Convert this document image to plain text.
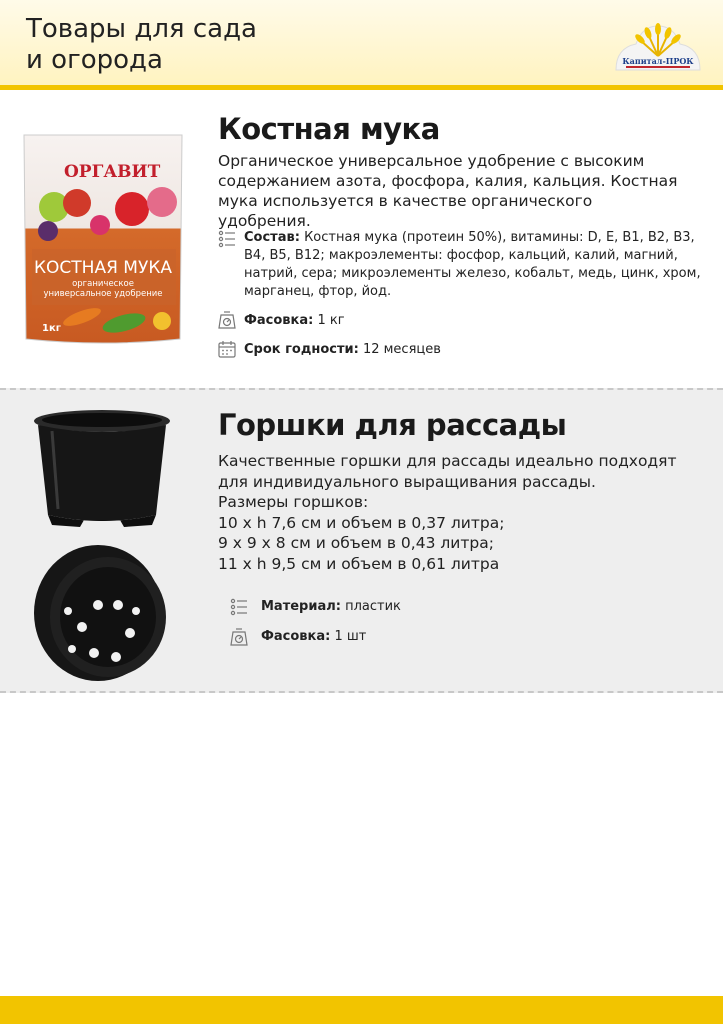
Товары для сада
и огорода	Капитал-ПРОК
ОРГАВИТ
КОСТНАЯ МУКА
органическое
универсальное удобрение
1кг
Костная мука
Органическое универсальное удобрение с высоким содержанием азота, фосфора, калия, кальция. Костная мука используется в качестве органического удобрения.
Состав: Костная мука (протеин 50%), витамины: D, E, B1, B2, B3, B4, B5, B12; макроэлементы: фосфор, кальций, калий, магний, натрий, сера; микроэлементы железо, кобальт, медь, цинк, хром, марганец, фтор, йод.
Фасовка: 1 кг
Срок годности: 12 месяцев
Горшки для рассады
Качественные горшки для рассады идеально подходят
для индивидуального выращивания рассады.
Размеры горшков:
10 х h 7,6 см и объем в 0,37 литра;
9 х 9 х 8 см и объем в 0,43 литра;
11 х h 9,5 см и объем в 0,61 литра
Материал: пластик
Фасовка: 1 шт
